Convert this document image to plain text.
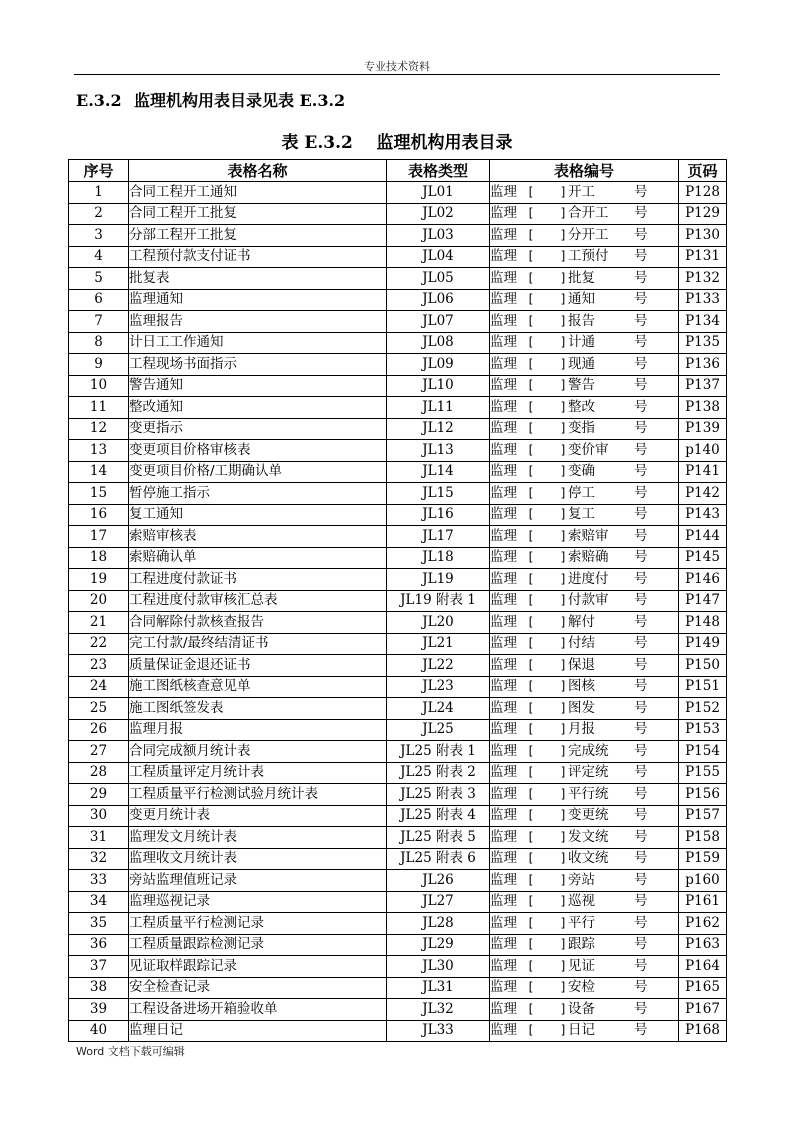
专业技术资料
E.3.2 监理机构用表目录见表 E.3.2
表 E.3.2 监理机构用表目录
序号	表格名称	表格类型	表格编号	页码
1	合同工程开工通知	JL01	监理 [ ] 开工 号	P128
2	合同工程开工批复	JL02	监理 [ ] 合开工 号	P129
3	分部工程开工批复	JL03	监理 [ ] 分开工 号	P130
4	工程预付款支付证书	JL04	监理 [ ] 工预付 号	P131
5	批复表	JL05	监理 [ ] 批复 号	P132
6	监理通知	JL06	监理 [ ] 通知 号	P133
7	监理报告	JL07	监理 [ ] 报告 号	P134
8	计日工工作通知	JL08	监理 [ ] 计通 号	P135
9	工程现场书面指示	JL09	监理 [ ] 现通 号	P136
10	警告通知	JL10	监理 [ ] 警告 号	P137
11	整改通知	JL11	监理 [ ] 整改 号	P138
12	变更指示	JL12	监理 [ ] 变指 号	P139
13	变更项目价格审核表	JL13	监理 [ ] 变价审 号	p140
14	变更项目价格/工期确认单	JL14	监理 [ ] 变确 号	P141
15	暂停施工指示	JL15	监理 [ ] 停工 号	P142
16	复工通知	JL16	监理 [ ] 复工 号	P143
17	索赔审核表	JL17	监理 [ ] 索赔审 号	P144
18	索赔确认单	JL18	监理 [ ] 索赔确 号	P145
19	工程进度付款证书	JL19	监理 [ ] 进度付 号	P146
20	工程进度付款审核汇总表	JL19 附表 1	监理 [ ] 付款审 号	P147
21	合同解除付款核查报告	JL20	监理 [ ] 解付 号	P148
22	完工付款/最终结清证书	JL21	监理 [ ] 付结 号	P149
23	质量保证金退还证书	JL22	监理 [ ] 保退 号	P150
24	施工图纸核查意见单	JL23	监理 [ ] 图核 号	P151
25	施工图纸签发表	JL24	监理 [ ] 图发 号	P152
26	监理月报	JL25	监理 [ ] 月报 号	P153
27	合同完成额月统计表	JL25 附表 1	监理 [ ] 完成统 号	P154
28	工程质量评定月统计表	JL25 附表 2	监理 [ ] 评定统 号	P155
29	工程质量平行检测试验月统计表	JL25 附表 3	监理 [ ] 平行统 号	P156
30	变更月统计表	JL25 附表 4	监理 [ ] 变更统 号	P157
31	监理发文月统计表	JL25 附表 5	监理 [ ] 发文统 号	P158
32	监理收文月统计表	JL25 附表 6	监理 [ ] 收文统 号	P159
33	旁站监理值班记录	JL26	监理 [ ] 旁站 号	p160
34	监理巡视记录	JL27	监理 [ ] 巡视 号	P161
35	工程质量平行检测记录	JL28	监理 [ ] 平行 号	P162
36	工程质量跟踪检测记录	JL29	监理 [ ] 跟踪 号	P163
37	见证取样跟踪记录	JL30	监理 [ ] 见证 号	P164
38	安全检查记录	JL31	监理 [ ] 安检 号	P165
39	工程设备进场开箱验收单	JL32	监理 [ ] 设备 号	P167
40	监理日记	JL33	监理 [ ] 日记 号	P168
Word 文档下载可编辑
